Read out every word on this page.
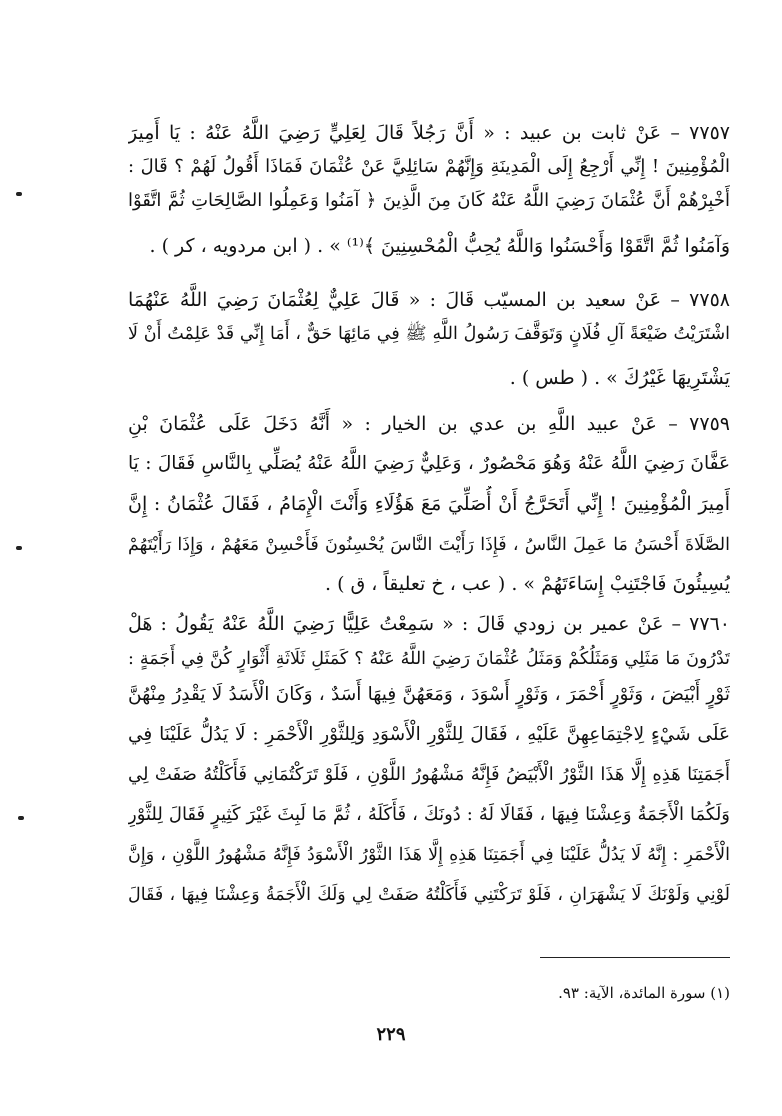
٧٧٥٧ – عَنْ ثابت بن عبيد : « أَنَّ رَجُلاً قَالَ لِعَلِيٍّ رَضِيَ اللَّهُ عَنْهُ : يَا أَمِيرَ
الْمُؤْمِنِينَ ! إِنِّي أَرْجِعُ إِلَى الْمَدِينَةِ وَإِنَّهُمْ سَائِلِيَّ عَنْ عُثْمَانَ فَمَاذَا أَقُولُ لَهُمْ ؟ قَالَ :
أَخْبِرْهُمْ أَنَّ عُثْمَانَ رَضِيَ اللَّهُ عَنْهُ كَانَ مِنَ الَّذِينَ ﴿ آمَنُوا وَعَمِلُوا الصَّالِحَاتِ ثُمَّ اتَّقَوْا
وَآمَنُوا ثُمَّ اتَّقَوْا وَأَحْسَنُوا وَاللَّهُ يُحِبُّ الْمُحْسِنِينَ ﴾⁽¹⁾ » . ( ابن مردويه ، كر ) .
٧٧٥٨ – عَنْ سعيد بن المسيّب قَالَ : « قَالَ عَلِيٌّ لِعُثْمَانَ رَضِيَ اللَّهُ عَنْهُمَا
اشْتَرَيْتُ ضَيْعَةً آلِ فُلَانٍ وَتَوَقَّفَ رَسُولُ اللَّهِ ﷺ فِي مَائِهَا حَقٌّ ، أَمَا إِنِّي قَدْ عَلِمْتُ أَنْ لَا
يَشْتَرِيهَا غَيْرُكَ » . ( طس ) .
٧٧٥٩ – عَنْ عبيد اللَّهِ بن عدي بن الخيار : « أَنَّهُ دَخَلَ عَلَى عُثْمَانَ بْنِ
عَفَّانَ رَضِيَ اللَّهُ عَنْهُ وَهُوَ مَحْصُورٌ ، وَعَلِيٌّ رَضِيَ اللَّهُ عَنْهُ يُصَلِّي بِالنَّاسِ فَقَالَ : يَا
أَمِيرَ الْمُؤْمِنِينَ ! إِنِّي أَتَحَرَّجُ أَنْ أُصَلِّيَ مَعَ هَؤُلَاءِ وَأَنْتَ الْإِمَامُ ، فَقَالَ عُثْمَانُ : إِنَّ
الصَّلَاةَ أَحْسَنُ مَا عَمِلَ النَّاسُ ، فَإِذَا رَأَيْتَ النَّاسَ يُحْسِنُونَ فَأَحْسِنْ مَعَهُمْ ، وَإِذَا رَأَيْتَهُمْ
يُسِيئُونَ فَاجْتَنِبْ إِسَاءَتَهُمْ » . ( عب ، خ تعليقاً ، ق ) .
٧٧٦٠ – عَنْ عمير بن زودي قَالَ : « سَمِعْتُ عَلِيًّا رَضِيَ اللَّهُ عَنْهُ يَقُولُ : هَلْ
تَدْرُونَ مَا مَثَلِي وَمَثَلُكُمْ وَمَثَلُ عُثْمَانَ رَضِيَ اللَّهُ عَنْهُ ؟ كَمَثَلِ ثَلَاثَةِ أَثْوَارٍ كُنَّ فِي أَجَمَةٍ :
ثَوْرٍ أَبْيَضَ ، وَثَوْرٍ أَحْمَرَ ، وَثَوْرٍ أَسْوَدَ ، وَمَعَهُنَّ فِيهَا أَسَدٌ ، وَكَانَ الْأَسَدُ لَا يَقْدِرُ مِنْهُنَّ
عَلَى شَيْءٍ لِاجْتِمَاعِهِنَّ عَلَيْهِ ، فَقَالَ لِلثَّوْرِ الْأَسْوَدِ وَلِلثَّوْرِ الْأَحْمَرِ : لَا يَدُلُّ عَلَيْنَا فِي
أَجَمَتِنَا هَذِهِ إِلَّا هَذَا الثَّوْرُ الْأَبْيَضُ فَإِنَّهُ مَشْهُورُ اللَّوْنِ ، فَلَوْ تَرَكْتُمَانِي فَأَكَلْتُهُ صَفَتْ لِي
وَلَكُمَا الْأَجَمَةُ وَعِشْنَا فِيهَا ، فَقَالَا لَهُ : دُونَكَ ، فَأَكَلَهُ ، ثُمَّ مَا لَبِثَ غَيْرَ كَثِيرٍ فَقَالَ لِلثَّوْرِ
الْأَحْمَرِ : إِنَّهُ لَا يَدُلُّ عَلَيْنَا فِي أَجَمَتِنَا هَذِهِ إِلَّا هَذَا الثَّوْرُ الْأَسْوَدُ فَإِنَّهُ مَشْهُورُ اللَّوْنِ ، وَإِنَّ
لَوْنِي وَلَوْنَكَ لَا يَشْهَرَانِ ، فَلَوْ تَرَكْتَنِي فَأَكَلْتُهُ صَفَتْ لِي وَلَكَ الْأَجَمَةُ وَعِشْنَا فِيهَا ، فَقَالَ
(١) سورة المائدة، الآية: ٩٣.
٢٢٩
